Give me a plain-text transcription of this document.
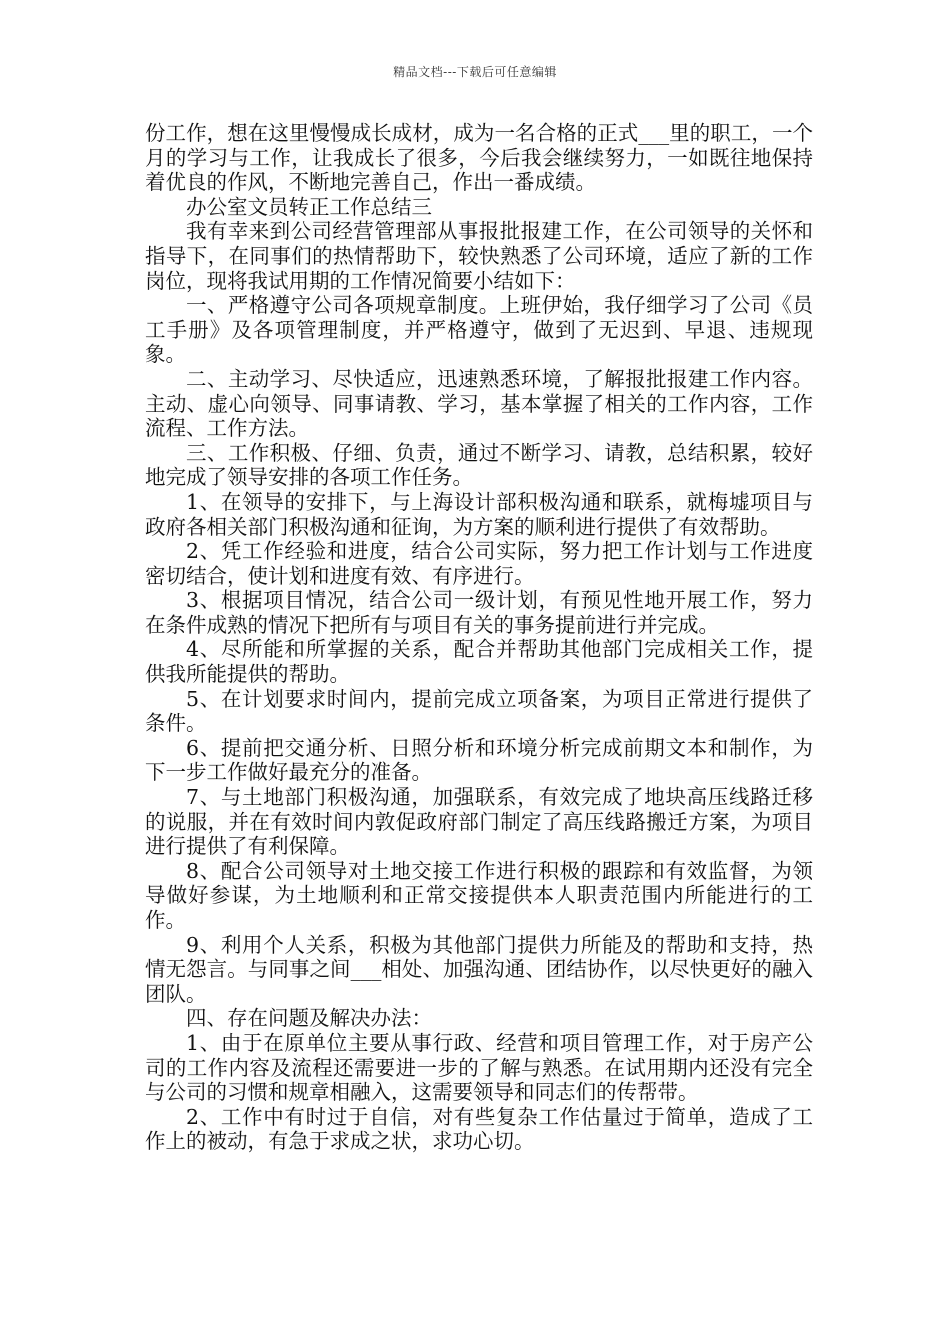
精品文档---下载后可任意编辑

份工作，想在这里慢慢成长成材，成为一名合格的正式___里的职工，一个月的学习与工作，让我成长了很多，今后我会继续努力，一如既往地保持着优良的作风，不断地完善自己，作出一番成绩。

办公室文员转正工作总结三

我有幸来到公司经营管理部从事报批报建工作，在公司领导的关怀和指导下，在同事们的热情帮助下，较快熟悉了公司环境，适应了新的工作岗位，现将我试用期的工作情况简要小结如下：

一、严格遵守公司各项规章制度。上班伊始，我仔细学习了公司《员工手册》及各项管理制度，并严格遵守，做到了无迟到、早退、违规现象。

二、主动学习、尽快适应，迅速熟悉环境，了解报批报建工作内容。主动、虚心向领导、同事请教、学习，基本掌握了相关的工作内容，工作流程、工作方法。

三、工作积极、仔细、负责，通过不断学习、请教，总结积累，较好地完成了领导安排的各项工作任务。

1、在领导的安排下，与上海设计部积极沟通和联系，就梅墟项目与政府各相关部门积极沟通和征询，为方案的顺利进行提供了有效帮助。

2、凭工作经验和进度，结合公司实际，努力把工作计划与工作进度密切结合，使计划和进度有效、有序进行。

3、根据项目情况，结合公司一级计划，有预见性地开展工作，努力在条件成熟的情况下把所有与项目有关的事务提前进行并完成。

4、尽所能和所掌握的关系，配合并帮助其他部门完成相关工作，提供我所能提供的帮助。

5、在计划要求时间内，提前完成立项备案，为项目正常进行提供了条件。

6、提前把交通分析、日照分析和环境分析完成前期文本和制作，为下一步工作做好最充分的准备。

7、与土地部门积极沟通，加强联系，有效完成了地块高压线路迁移的说服，并在有效时间内敦促政府部门制定了高压线路搬迁方案，为项目进行提供了有利保障。

8、配合公司领导对土地交接工作进行积极的跟踪和有效监督，为领导做好参谋，为土地顺利和正常交接提供本人职责范围内所能进行的工作。

9、利用个人关系，积极为其他部门提供力所能及的帮助和支持，热情无怨言。与同事之间___相处、加强沟通、团结协作，以尽快更好的融入团队。

四、存在问题及解决办法：

1、由于在原单位主要从事行政、经营和项目管理工作，对于房产公司的工作内容及流程还需要进一步的了解与熟悉。在试用期内还没有完全与公司的习惯和规章相融入，这需要领导和同志们的传帮带。

2、工作中有时过于自信，对有些复杂工作估量过于简单，造成了工作上的被动，有急于求成之状，求功心切。
